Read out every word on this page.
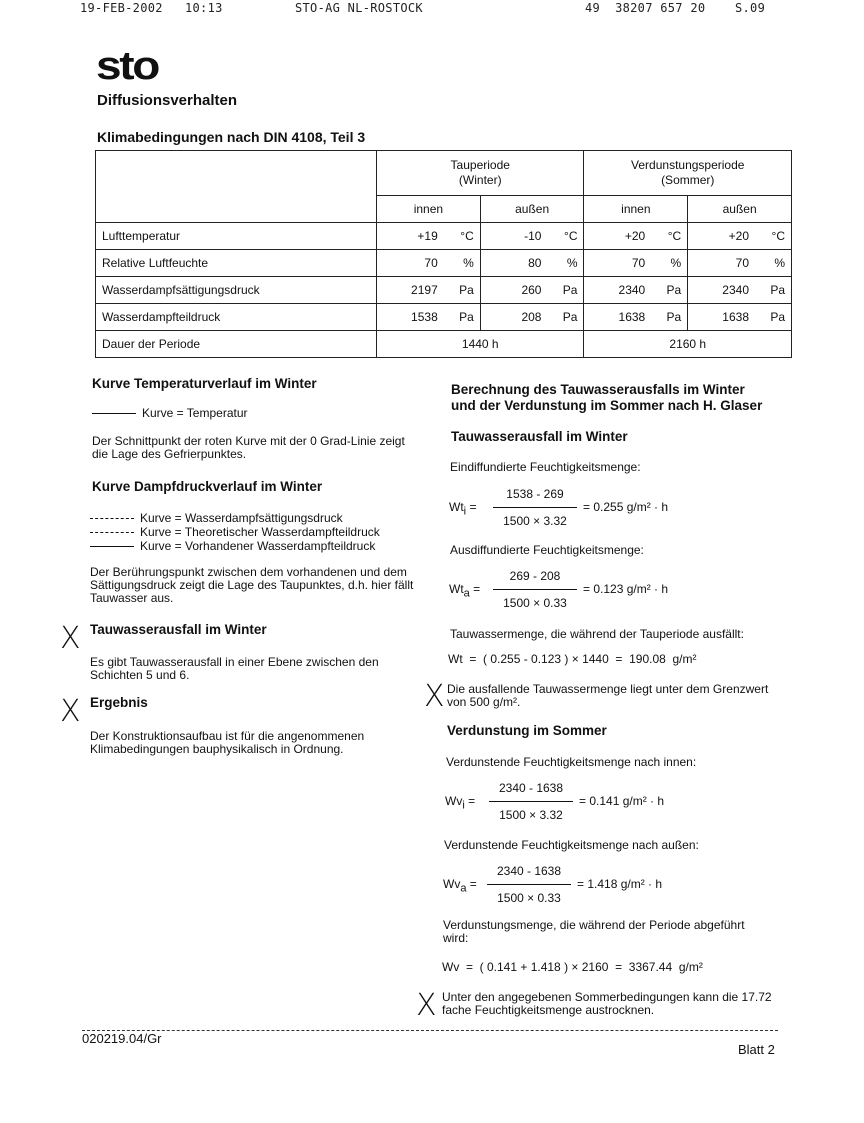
19-FEB-2002 10:13	STO-AG NL-ROSTOCK	49  38207 657 20 S.09
sto
Diffusionsverhalten
Klimabedingungen nach DIN 4108, Teil 3

Tauperiode
(Winter)

Verdunstungsperiode
(Sommer)

	innen	außen	innen	außen
Lufttemperatur	+19 °C	-10 °C	+20 °C	+20 °C
Relative Luftfeuchte	70 %	80 %	70 %	70 %
Wasserdampfsättigungsdruck	2197 Pa	260 Pa	2340 Pa	2340 Pa
Wasserdampfteildruck	1538 Pa	208 Pa	1638 Pa	1638 Pa
Dauer der Periode	1440 h		2160 h	
Kurve Temperaturverlauf im Winter
Kurve = Temperatur
Der Schnittpunkt der roten Kurve mit der 0 Grad-Linie zeigt die Lage des Gefrierpunktes.
Kurve Dampfdruckverlauf im Winter
Kurve = Wasserdampfsättigungsdruck
Kurve = Theoretischer Wasserdampfteildruck
Kurve = Vorhandener Wasserdampfteildruck
Der Berührungspunkt zwischen dem vorhandenen und dem Sättigungsdruck zeigt die Lage des Taupunktes, d.h. hier fällt Tauwasser aus.
X Tauwasserausfall im Winter
Es gibt Tauwasserausfall in einer Ebene zwischen den Schichten 5 und 6.
X Ergebnis
Der Konstruktionsaufbau ist für die angenommenen Klimabedingungen bauphysikalisch in Ordnung.
Berechnung des Tauwasserausfalls im Winter
und der Verdunstung im Sommer nach H. Glaser
Tauwasserausfall im Winter
Eindiffundierte Feuchtigkeitsmenge:
$Wt_i$ =
1538 - 269
1500 × 3.32
= 0.255 g/m² · h
Ausdiffundierte Feuchtigkeitsmenge:
$Wt_a$ =
269 - 208
1500 × 0.33
= 0.123 g/m² · h
Tauwassermenge, die während der Tauperiode ausfällt:
Wt  =  ( 0.255 - 0.123 ) × 1440  =  190.08  g/m²
X Die ausfallende Tauwassermenge liegt unter dem Grenzwert von 500 g/m².
Verdunstung im Sommer
Verdunstende Feuchtigkeitsmenge nach innen:
$Wv_i$ =
2340 - 1638
1500 × 3.32
= 0.141 g/m² · h
Verdunstende Feuchtigkeitsmenge nach außen:
$Wv_a$ =
2340 - 1638
1500 × 0.33
= 1.418 g/m² · h
Verdunstungsmenge, die während der Periode abgeführt wird:
Wv  =  ( 0.141 + 1.418 ) × 2160  =  3367.44  g/m²
X Unter den angegebenen Sommerbedingungen kann die 17.72 fache Feuchtigkeitsmenge austrocknen.
020219.04/Gr
Blatt 2
